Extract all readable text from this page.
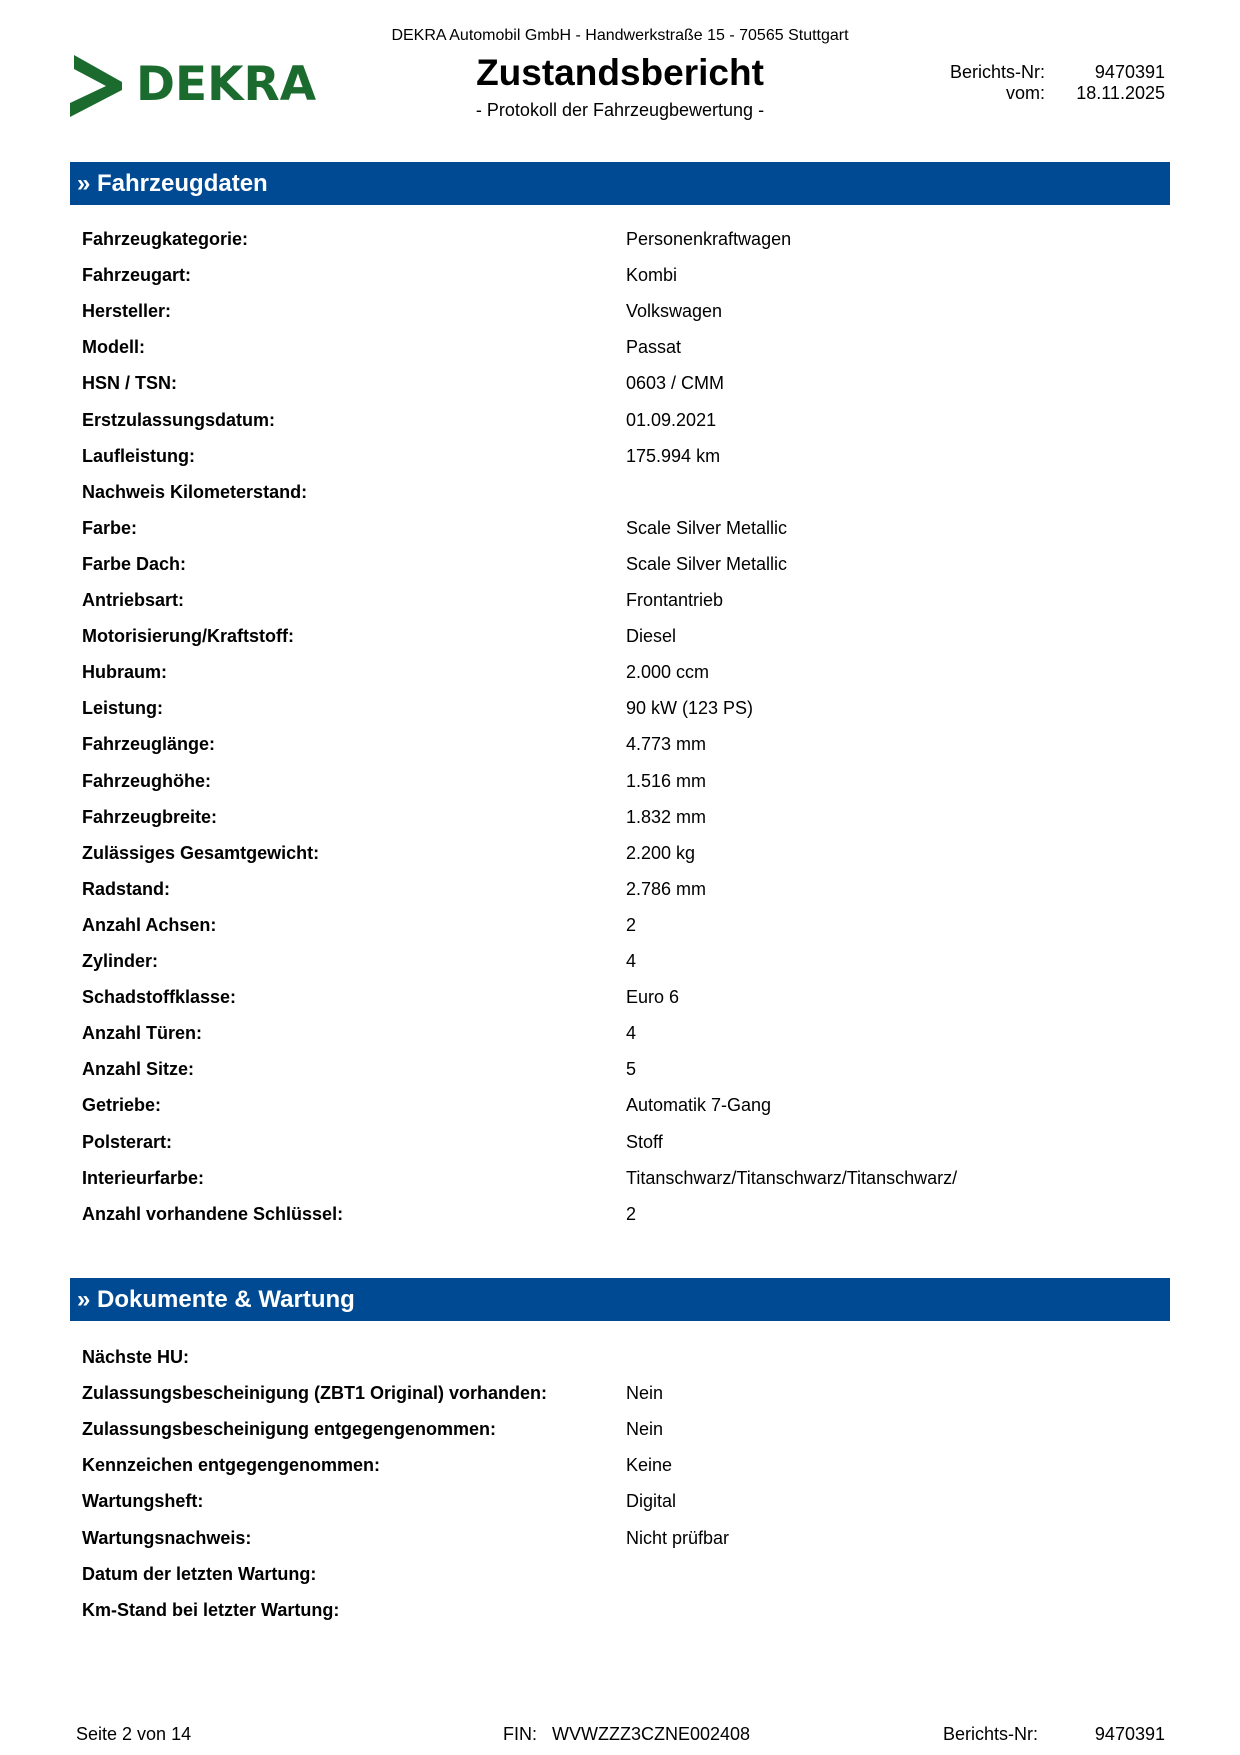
DEKRA Automobil GmbH - Handwerkstraße 15 - 70565 Stuttgart
DEKRA	Zustandsbericht
- Protokoll der Fahrzeugbewertung -
Berichts-Nr:	9470391
vom:	18.11.2025
» Fahrzeugdaten
Fahrzeugkategorie:	Personenkraftwagen
Fahrzeugart:	Kombi
Hersteller:	Volkswagen
Modell:	Passat
HSN / TSN:	0603 / CMM
Erstzulassungsdatum:	01.09.2021
Laufleistung:	175.994 km
Nachweis Kilometerstand:
Farbe:	Scale Silver Metallic
Farbe Dach:	Scale Silver Metallic
Antriebsart:	Frontantrieb
Motorisierung/Kraftstoff:	Diesel
Hubraum:	2.000 ccm
Leistung:	90 kW (123 PS)
Fahrzeuglänge:	4.773 mm
Fahrzeughöhe:	1.516 mm
Fahrzeugbreite:	1.832 mm
Zulässiges Gesamtgewicht:	2.200 kg
Radstand:	2.786 mm
Anzahl Achsen:	2
Zylinder:	4
Schadstoffklasse:	Euro 6
Anzahl Türen:	4
Anzahl Sitze:	5
Getriebe:	Automatik 7-Gang
Polsterart:	Stoff
Interieurfarbe:	Titanschwarz/Titanschwarz/Titanschwarz/
Anzahl vorhandene Schlüssel:	2
» Dokumente & Wartung
Nächste HU:
Zulassungsbescheinigung (ZBT1 Original) vorhanden:	Nein
Zulassungsbescheinigung entgegengenommen:	Nein
Kennzeichen entgegengenommen:	Keine
Wartungsheft:	Digital
Wartungsnachweis:	Nicht prüfbar
Datum der letzten Wartung:
Km-Stand bei letzter Wartung:
Seite 2 von 14	FIN: WVWZZZ3CZNE002408	Berichts-Nr:	9470391
